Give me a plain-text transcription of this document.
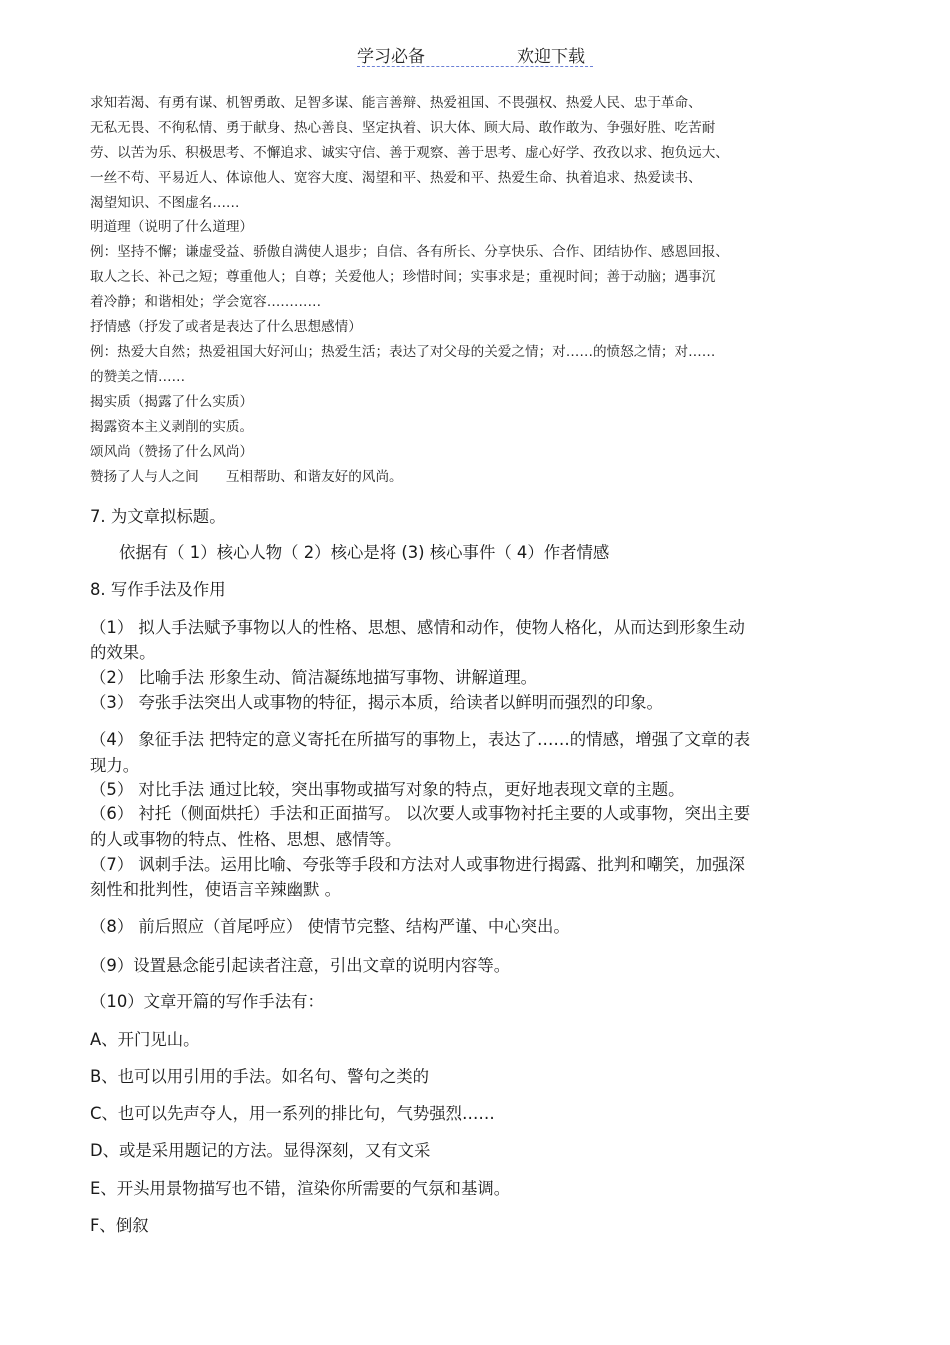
学习必备	欢迎下载
求知若渴、有勇有谋、机智勇敢、足智多谋、能言善辩、热爱祖国、不畏强权、热爱人民、忠于革命、
无私无畏、不徇私情、勇于献身、热心善良、坚定执着、识大体、顾大局、敢作敢为、争强好胜、吃苦耐
劳、以苦为乐、积极思考、不懈追求、诚实守信、善于观察、善于思考、虚心好学、孜孜以求、抱负远大、
一丝不苟、平易近人、体谅他人、宽容大度、渴望和平、热爱和平、热爱生命、执着追求、热爱读书、
渴望知识、不图虚名……
明道理（说明了什么道理）
例：坚持不懈；谦虚受益、骄傲自满使人退步；自信、各有所长、分享快乐、合作、团结协作、感恩回报、
取人之长、补己之短；尊重他人；自尊；关爱他人；珍惜时间；实事求是；重视时间；善于动脑；遇事沉
着冷静；和谐相处；学会宽容…………
抒情感（抒发了或者是表达了什么思想感情）
例：热爱大自然；热爱祖国大好河山；热爱生活；表达了对父母的关爱之情；对……的愤怒之情；对……
的赞美之情……
揭实质（揭露了什么实质）
揭露资本主义剥削的实质。
颂风尚（赞扬了什么风尚）
赞扬了人与人之间　　互相帮助、和谐友好的风尚。
7. 为文章拟标题。
依据有（ 1）核心人物（ 2）核心是将 (3) 核心事件（ 4）作者情感
8. 写作手法及作用
（1） 拟人手法赋予事物以人的性格、思想、感情和动作，使物人格化，从而达到形象生动
的效果。
（2） 比喻手法 形象生动、简洁凝练地描写事物、讲解道理。
（3） 夸张手法突出人或事物的特征，揭示本质，给读者以鲜明而强烈的印象。
（4） 象征手法 把特定的意义寄托在所描写的事物上，表达了……的情感，增强了文章的表
现力。
（5） 对比手法 通过比较，突出事物或描写对象的特点，更好地表现文章的主题。
（6） 衬托（侧面烘托）手法和正面描写。 以次要人或事物衬托主要的人或事物，突出主要
的人或事物的特点、性格、思想、感情等。
（7） 讽刺手法。运用比喻、夸张等手段和方法对人或事物进行揭露、批判和嘲笑，加强深
刻性和批判性，使语言辛辣幽默 。
（8） 前后照应（首尾呼应） 使情节完整、结构严谨、中心突出。
（9）设置悬念能引起读者注意，引出文章的说明内容等。
（10）文章开篇的写作手法有：
A、开门见山。
B、也可以用引用的手法。如名句、警句之类的
C、也可以先声夺人，用一系列的排比句，气势强烈……
D、或是采用题记的方法。显得深刻，又有文采
E、开头用景物描写也不错，渲染你所需要的气氛和基调。
F、倒叙
